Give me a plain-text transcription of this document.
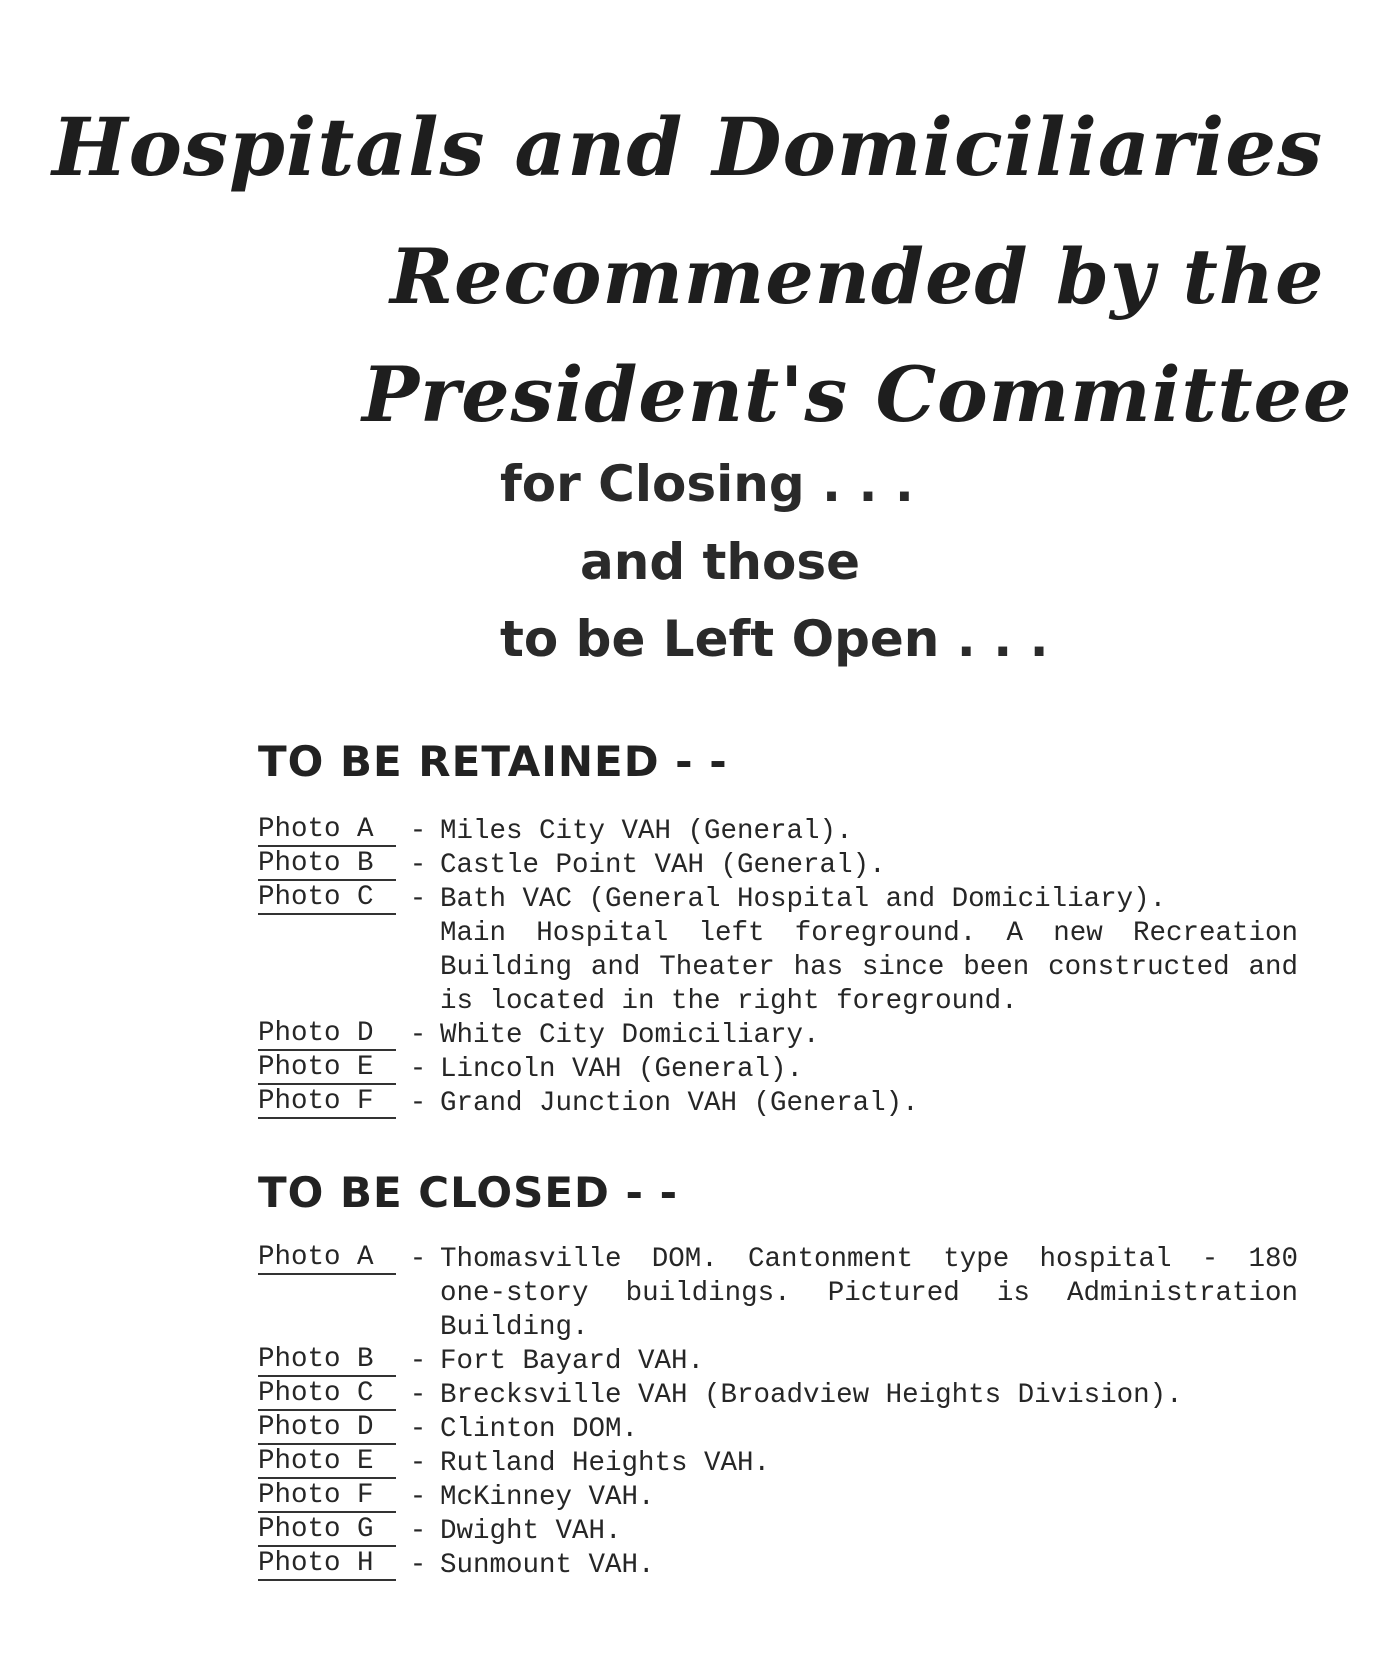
Hospitals and Domiciliaries
Recommended by the
President's Committee
for Closing . . .
and those
to be Left Open . . .
TO BE RETAINED - -
Photo A	- Miles City VAH (General).
Photo B	- Castle Point VAH (General).
Photo C	- Bath VAC (General Hospital and Domiciliary).
Main Hospital left foreground. A new Recreation Building and Theater has since been constructed and is located in the right foreground.
Photo D	- White City Domiciliary.
Photo E	- Lincoln VAH (General).
Photo F	- Grand Junction VAH (General).
TO BE CLOSED - -
Photo A	- Thomasville DOM. Cantonment type hospital - 180 one-story buildings. Pictured is Administration Building.
Photo B	- Fort Bayard VAH.
Photo C	- Brecksville VAH (Broadview Heights Division).
Photo D	- Clinton DOM.
Photo E	- Rutland Heights VAH.
Photo F	- McKinney VAH.
Photo G	- Dwight VAH.
Photo H	- Sunmount VAH.
